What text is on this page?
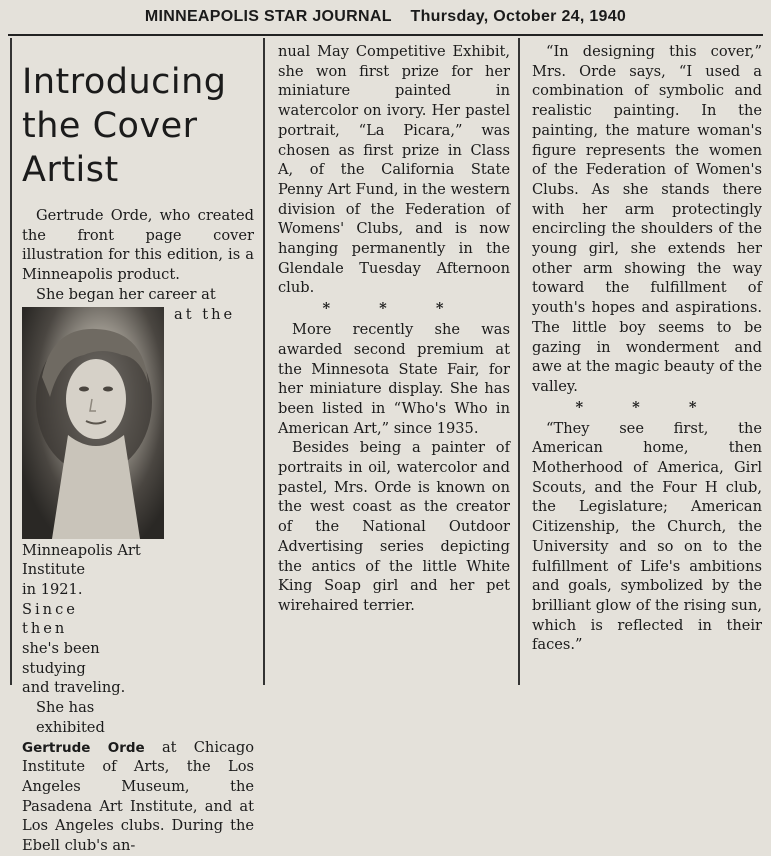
MINNEAPOLIS STAR JOURNAL Thursday, October 24, 1940
Introducing
the Cover
Artist

Gertrude Orde, who created the front page cover illustration for this edition, is a Minneapolis product.

She began her career at

at the
Minneapolis Art
Institute
in 1921.
Since
then
she's been
studying
and traveling.
She has
exhibited

Gertrude Orde at Chicago Institute of Arts, the Los Angeles Museum, the Pasadena Art Institute, and at Los Angeles clubs. During the Ebell club's an-

nual May Competitive Exhibit, she won first prize for her miniature painted in watercolor on ivory. Her pastel portrait, “La Picara,” was chosen as first prize in Class A, of the California State Penny Art Fund, in the western division of the Federation of Womens' Clubs, and is now hanging permanently in the Glendale Tuesday Afternoon club.

* * *

More recently she was awarded second premium at the Minnesota State Fair, for her miniature display. She has been listed in “Who's Who in American Art,” since 1935.

Besides being a painter of portraits in oil, watercolor and pastel, Mrs. Orde is known on the west coast as the creator of the National Outdoor Advertising series depicting the antics of the little White King Soap girl and her pet wirehaired terrier.

“In designing this cover,” Mrs. Orde says, “I used a combination of symbolic and realistic painting. In the painting, the mature woman's figure represents the women of the Federation of Women's Clubs. As she stands there with her arm protectingly encircling the shoulders of the young girl, she extends her other arm showing the way toward the fulfillment of youth's hopes and aspirations. The little boy seems to be gazing in wonderment and awe at the magic beauty of the valley.

* * *

“They see first, the American home, then Motherhood of America, Girl Scouts, and the Four H club, the Legislature; American Citizenship, the Church, the University and so on to the fulfillment of Life's ambitions and goals, symbolized by the brilliant glow of the rising sun, which is reflected in their faces.”
